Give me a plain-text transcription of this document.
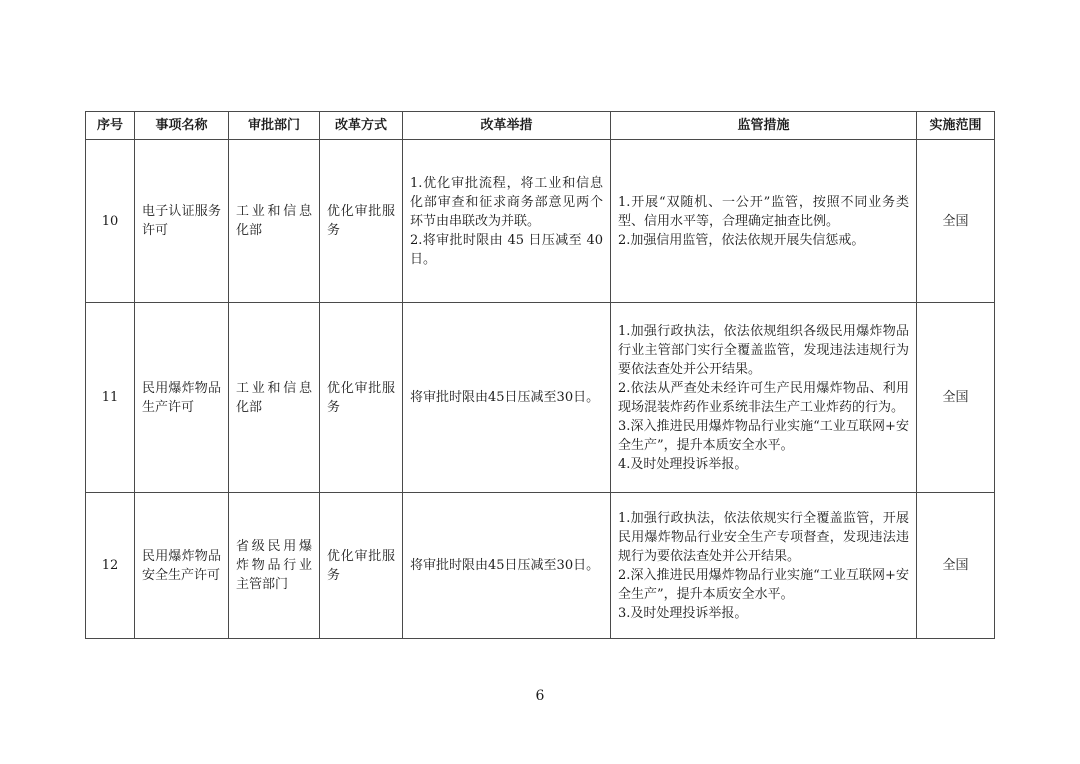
序号	事项名称	审批部门	改革方式	改革举措	监管措施	实施范围
10	电子认证服务许可	工业和信息化部	优化审批服务	1.优化审批流程，将工业和信息化部审查和征求商务部意见两个环节由串联改为并联。
2.将审批时限由 45 日压减至 40日。	1.开展“双随机、一公开”监管，按照不同业务类型、信用水平等，合理确定抽查比例。
2.加强信用监管，依法依规开展失信惩戒。	全国
11	民用爆炸物品生产许可	工业和信息化部	优化审批服务	将审批时限由45日压减至30日。	1.加强行政执法，依法依规组织各级民用爆炸物品行业主管部门实行全覆盖监管，发现违法违规行为要依法查处并公开结果。
2.依法从严查处未经许可生产民用爆炸物品、利用现场混装炸药作业系统非法生产工业炸药的行为。
3.深入推进民用爆炸物品行业实施“工业互联网+安全生产”，提升本质安全水平。
4.及时处理投诉举报。	全国
12	民用爆炸物品安全生产许可	省级民用爆炸物品行业主管部门	优化审批服务	将审批时限由45日压减至30日。	1.加强行政执法，依法依规实行全覆盖监管，开展民用爆炸物品行业安全生产专项督查，发现违法违规行为要依法查处并公开结果。
2.深入推进民用爆炸物品行业实施“工业互联网+安全生产”，提升本质安全水平。
3.及时处理投诉举报。	全国
6
